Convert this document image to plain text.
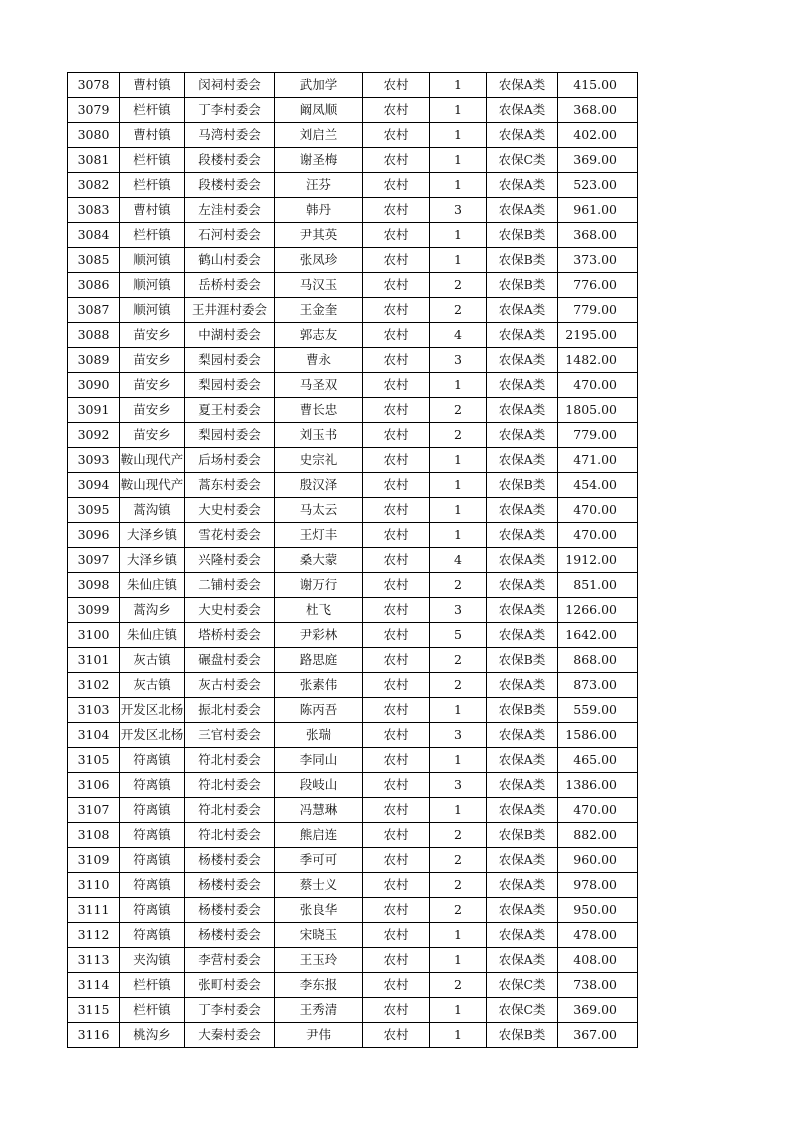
3078	曹村镇	闵祠村委会	武加学	农村	1	农保A类	415.00
3079	栏杆镇	丁李村委会	阚凤顺	农村	1	农保A类	368.00
3080	曹村镇	马湾村委会	刘启兰	农村	1	农保A类	402.00
3081	栏杆镇	段楼村委会	谢圣梅	农村	1	农保C类	369.00
3082	栏杆镇	段楼村委会	汪芬	农村	1	农保A类	523.00
3083	曹村镇	左洼村委会	韩丹	农村	3	农保A类	961.00
3084	栏杆镇	石河村委会	尹其英	农村	1	农保B类	368.00
3085	顺河镇	鹤山村委会	张凤珍	农村	1	农保B类	373.00
3086	顺河镇	岳桥村委会	马汉玉	农村	2	农保B类	776.00
3087	顺河镇	王井涯村委会	王金奎	农村	2	农保A类	779.00
3088	苗安乡	中湖村委会	郭志友	农村	4	农保A类	2195.00
3089	苗安乡	梨园村委会	曹永	农村	3	农保A类	1482.00
3090	苗安乡	梨园村委会	马圣双	农村	1	农保A类	470.00
3091	苗安乡	夏王村委会	曹长忠	农村	2	农保A类	1805.00
3092	苗安乡	梨园村委会	刘玉书	农村	2	农保A类	779.00
3093	鞍山现代产	后场村委会	史宗礼	农村	1	农保A类	471.00
3094	鞍山现代产	蒿东村委会	殷汉泽	农村	1	农保B类	454.00
3095	蒿沟镇	大史村委会	马太云	农村	1	农保A类	470.00
3096	大泽乡镇	雪花村委会	王灯丰	农村	1	农保A类	470.00
3097	大泽乡镇	兴隆村委会	桑大蒙	农村	4	农保A类	1912.00
3098	朱仙庄镇	二铺村委会	谢万行	农村	2	农保A类	851.00
3099	蒿沟乡	大史村委会	杜飞	农村	3	农保A类	1266.00
3100	朱仙庄镇	塔桥村委会	尹彩林	农村	5	农保A类	1642.00
3101	灰古镇	碾盘村委会	路思庭	农村	2	农保B类	868.00
3102	灰古镇	灰古村委会	张素伟	农村	2	农保A类	873.00
3103	开发区北杨	振北村委会	陈丙吾	农村	1	农保B类	559.00
3104	开发区北杨	三官村委会	张瑞	农村	3	农保A类	1586.00
3105	符离镇	符北村委会	李同山	农村	1	农保A类	465.00
3106	符离镇	符北村委会	段岐山	农村	3	农保A类	1386.00
3107	符离镇	符北村委会	冯慧琳	农村	1	农保A类	470.00
3108	符离镇	符北村委会	熊启连	农村	2	农保B类	882.00
3109	符离镇	杨楼村委会	季可可	农村	2	农保A类	960.00
3110	符离镇	杨楼村委会	蔡士义	农村	2	农保A类	978.00
3111	符离镇	杨楼村委会	张良华	农村	2	农保A类	950.00
3112	符离镇	杨楼村委会	宋晓玉	农村	1	农保A类	478.00
3113	夹沟镇	李营村委会	王玉玲	农村	1	农保A类	408.00
3114	栏杆镇	张町村委会	李东报	农村	2	农保C类	738.00
3115	栏杆镇	丁李村委会	王秀清	农村	1	农保C类	369.00
3116	桃沟乡	大秦村委会	尹伟	农村	1	农保B类	367.00
